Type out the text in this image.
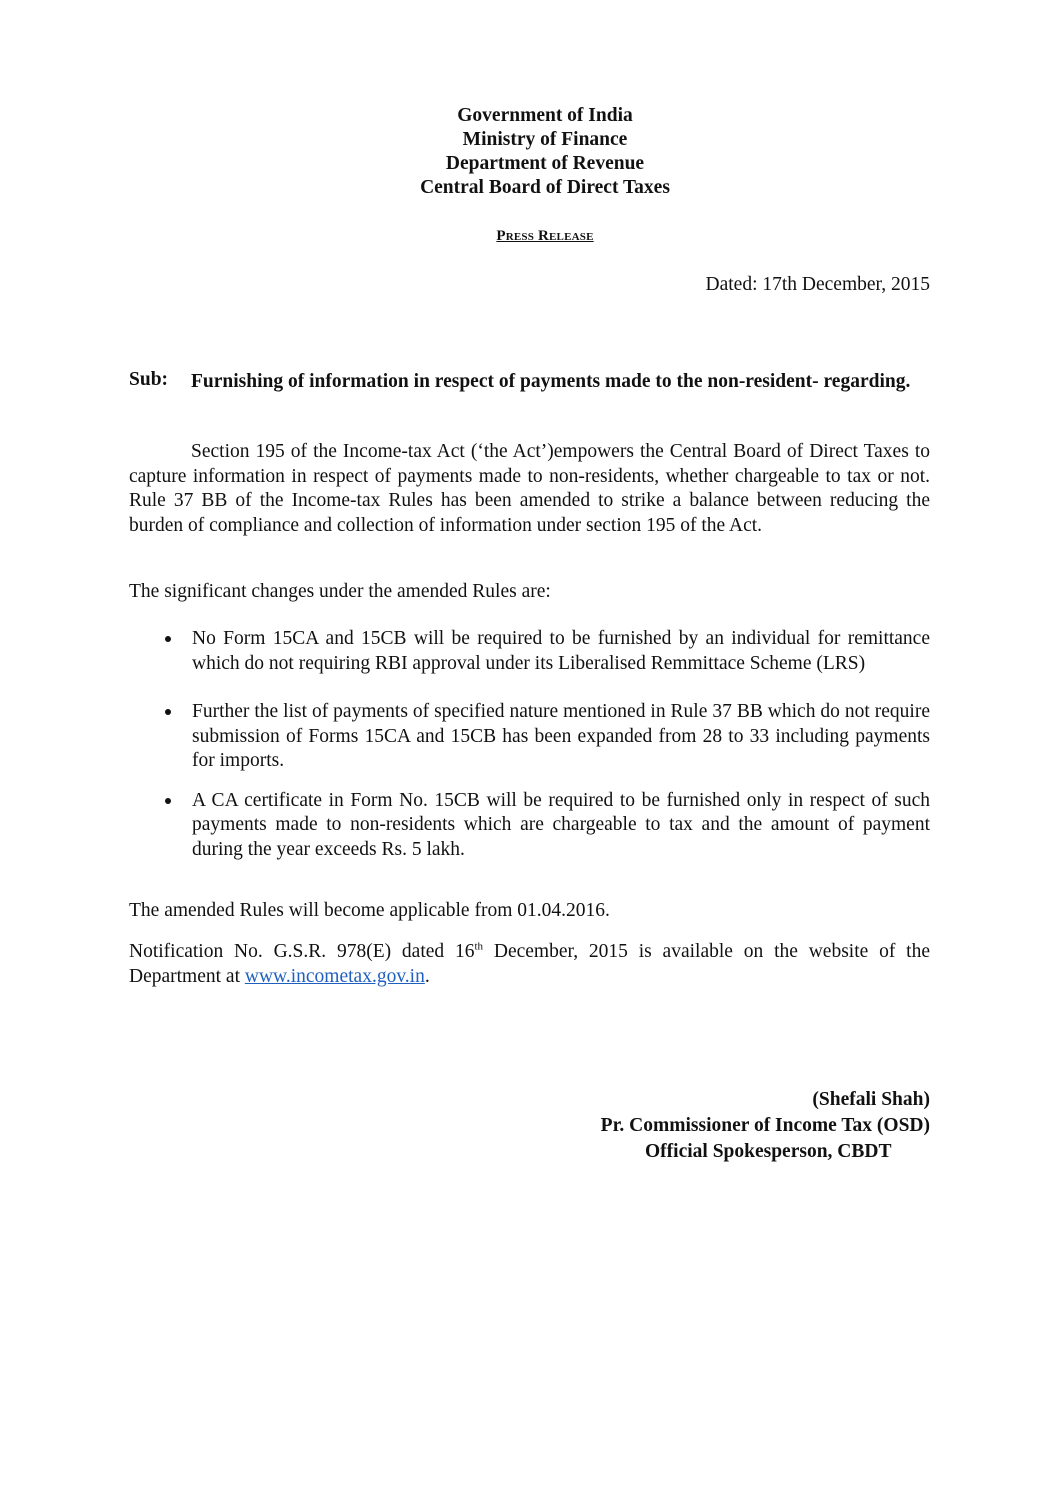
Government of India
Ministry of Finance
Department of Revenue
Central Board of Direct Taxes
Press Release
Dated: 17th December, 2015
Sub: Furnishing of information in respect of payments made to the non-resident- regarding.
Section 195 of the Income-tax Act (‘the Act’)empowers the Central Board of Direct Taxes to capture information in respect of payments made to non-residents, whether chargeable to tax or not. Rule 37 BB of the Income-tax Rules has been amended to strike a balance between reducing the burden of compliance and collection of information under section 195 of the Act.
The significant changes under the amended Rules are:
No Form 15CA and 15CB will be required to be furnished by an individual for remittance which do not requiring RBI approval under its Liberalised Remmittace Scheme (LRS)
Further the list of payments of specified nature mentioned in Rule 37 BB which do not require submission of Forms 15CA and 15CB has been expanded from 28 to 33 including payments for imports.
A CA certificate in Form No. 15CB will be required to be furnished only in respect of such payments made to non-residents which are chargeable to tax and the amount of payment during the year exceeds Rs. 5 lakh.
The amended Rules will become applicable from 01.04.2016.
Notification No. G.S.R. 978(E) dated 16th December, 2015 is available on the website of the Department at www.incometax.gov.in.
(Shefali Shah)
Pr. Commissioner of Income Tax (OSD)
Official Spokesperson, CBDT
